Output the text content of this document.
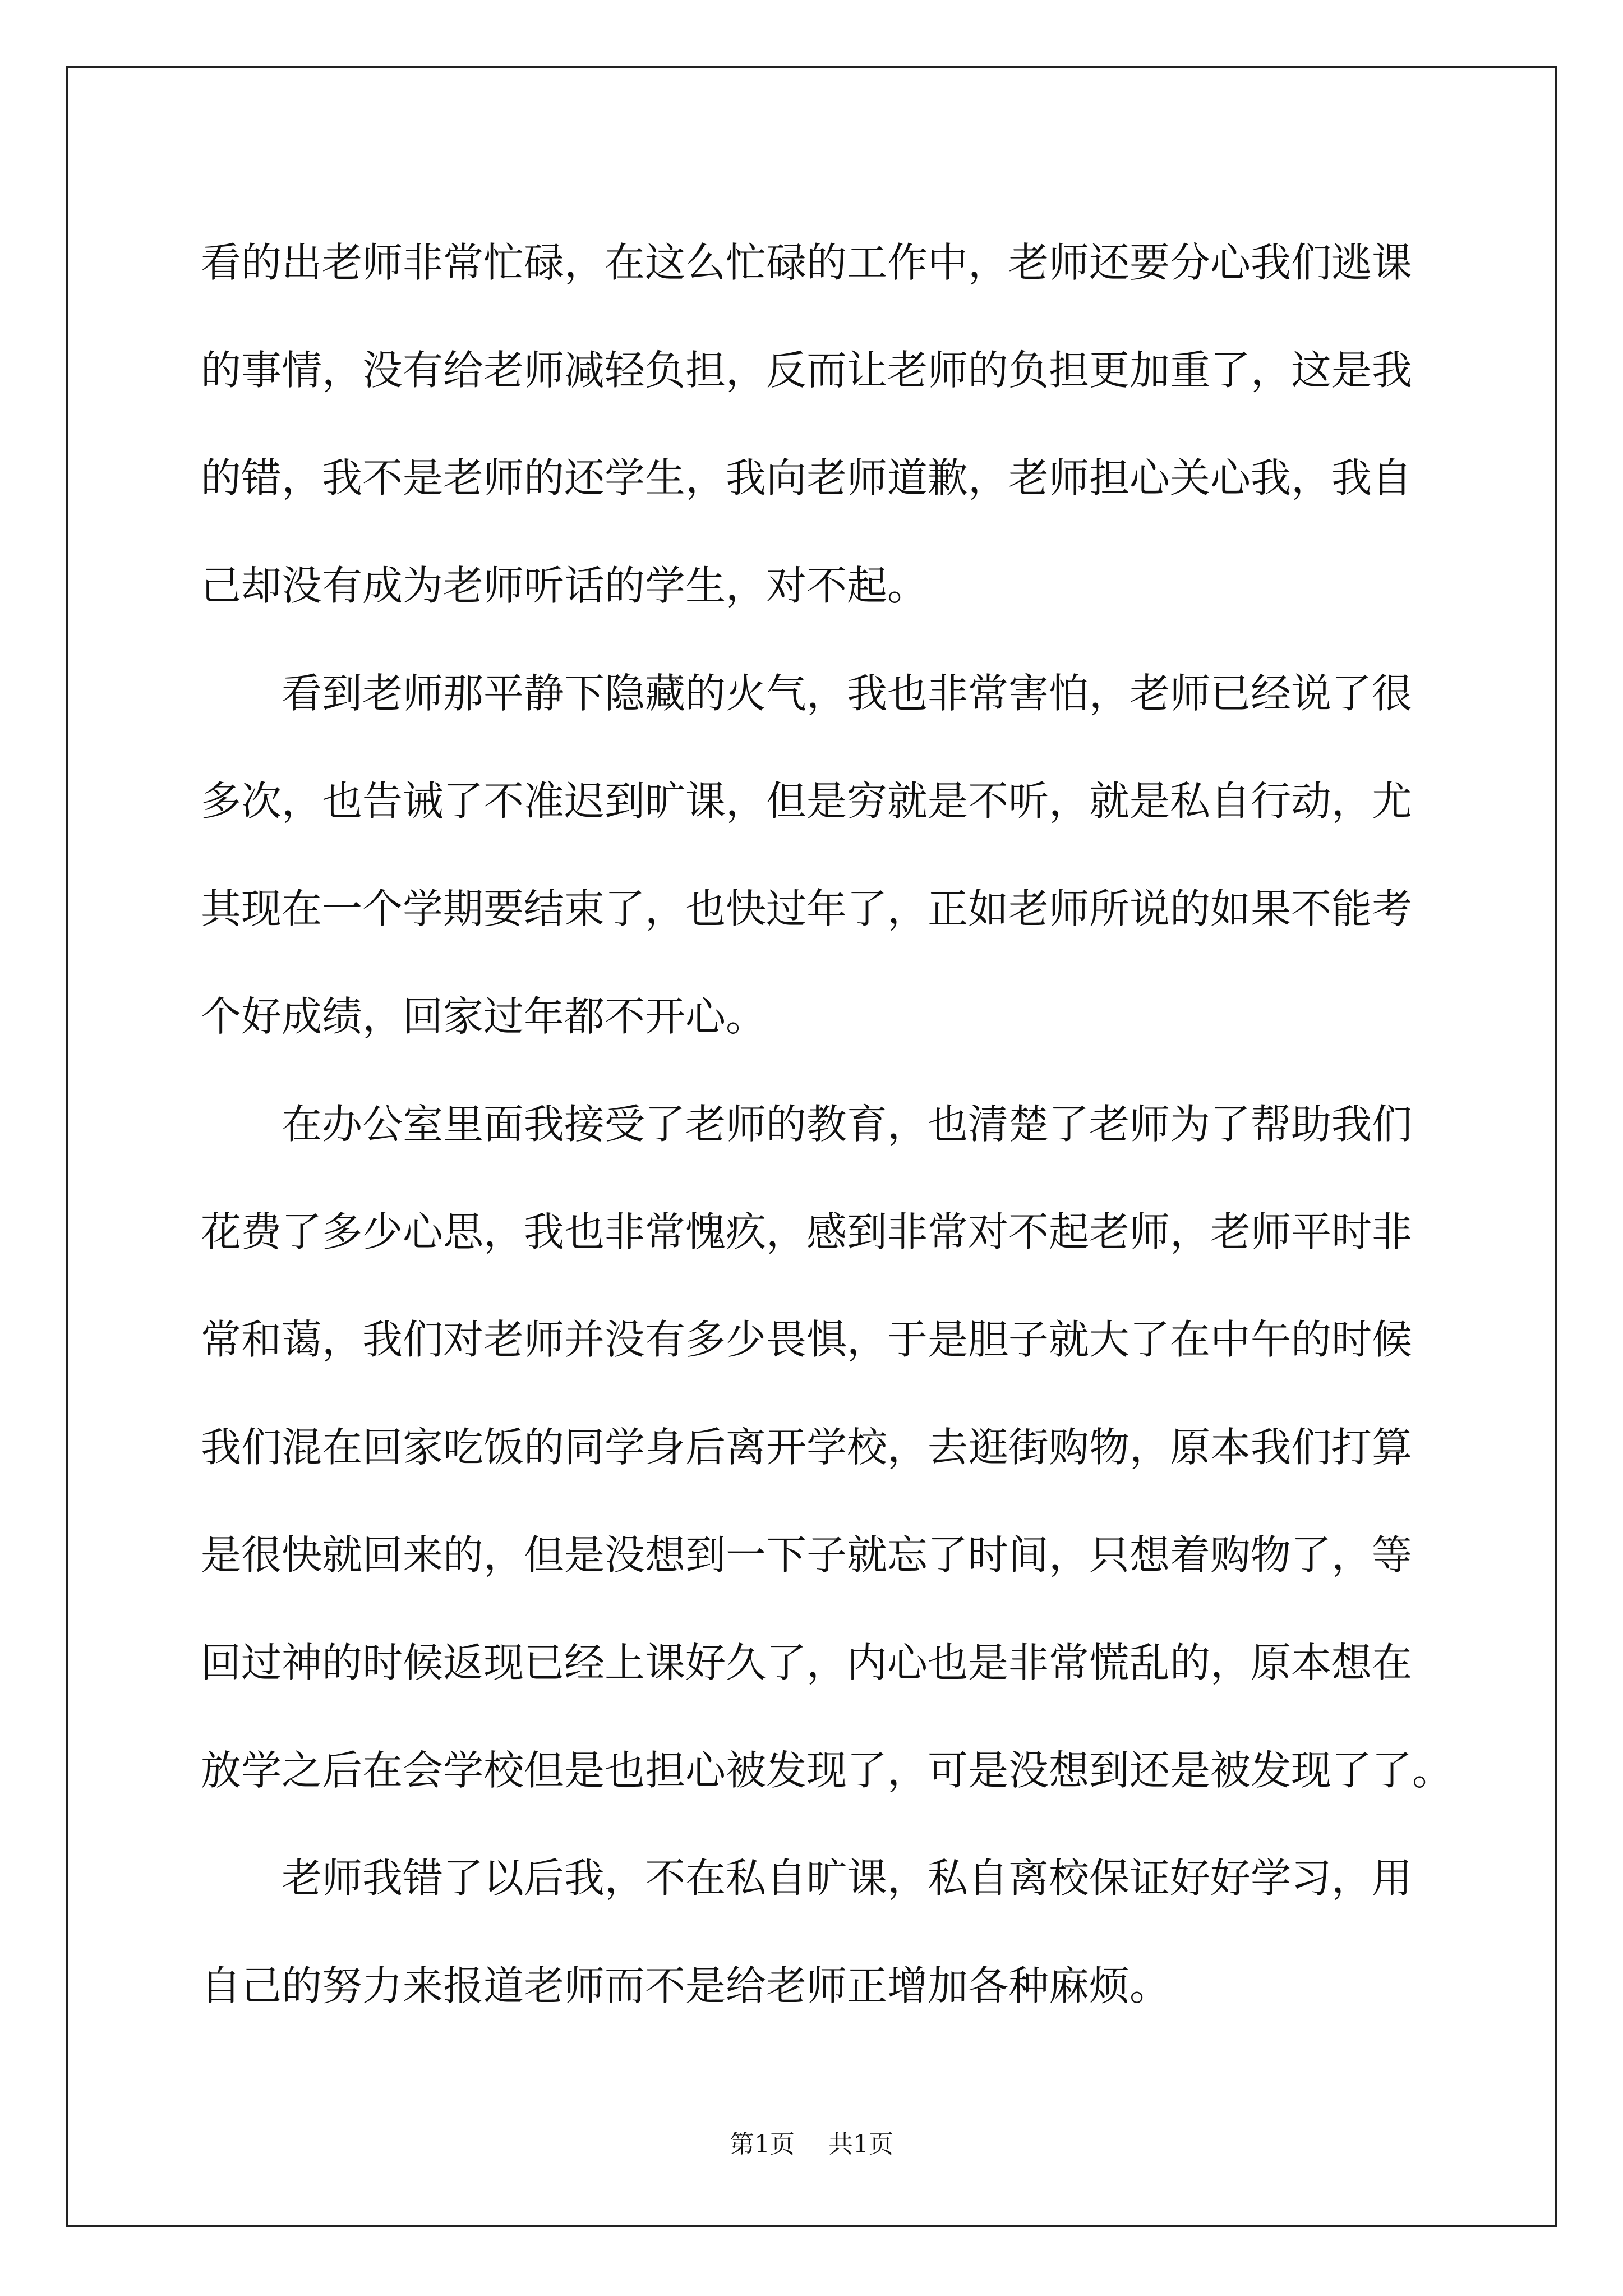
看的出老师非常忙碌，在这么忙碌的工作中，老师还要分心我们逃课
的事情，没有给老师减轻负担，反而让老师的负担更加重了，这是我
的错，我不是老师的还学生，我向老师道歉，老师担心关心我，我自
己却没有成为老师听话的学生，对不起。
看到老师那平静下隐藏的火气，我也非常害怕，老师已经说了很
多次，也告诫了不准迟到旷课，但是穷就是不听，就是私自行动，尤
其现在一个学期要结束了，也快过年了，正如老师所说的如果不能考
个好成绩，回家过年都不开心。
在办公室里面我接受了老师的教育，也清楚了老师为了帮助我们
花费了多少心思，我也非常愧疚，感到非常对不起老师，老师平时非
常和蔼，我们对老师并没有多少畏惧，于是胆子就大了在中午的时候
我们混在回家吃饭的同学身后离开学校，去逛街购物，原本我们打算
是很快就回来的，但是没想到一下子就忘了时间，只想着购物了，等
回过神的时候返现已经上课好久了，内心也是非常慌乱的，原本想在
放学之后在会学校但是也担心被发现了，可是没想到还是被发现了了。
老师我错了以后我，不在私自旷课，私自离校保证好好学习，用
自己的努力来报道老师而不是给老师正增加各种麻烦。
第1页 共1页
